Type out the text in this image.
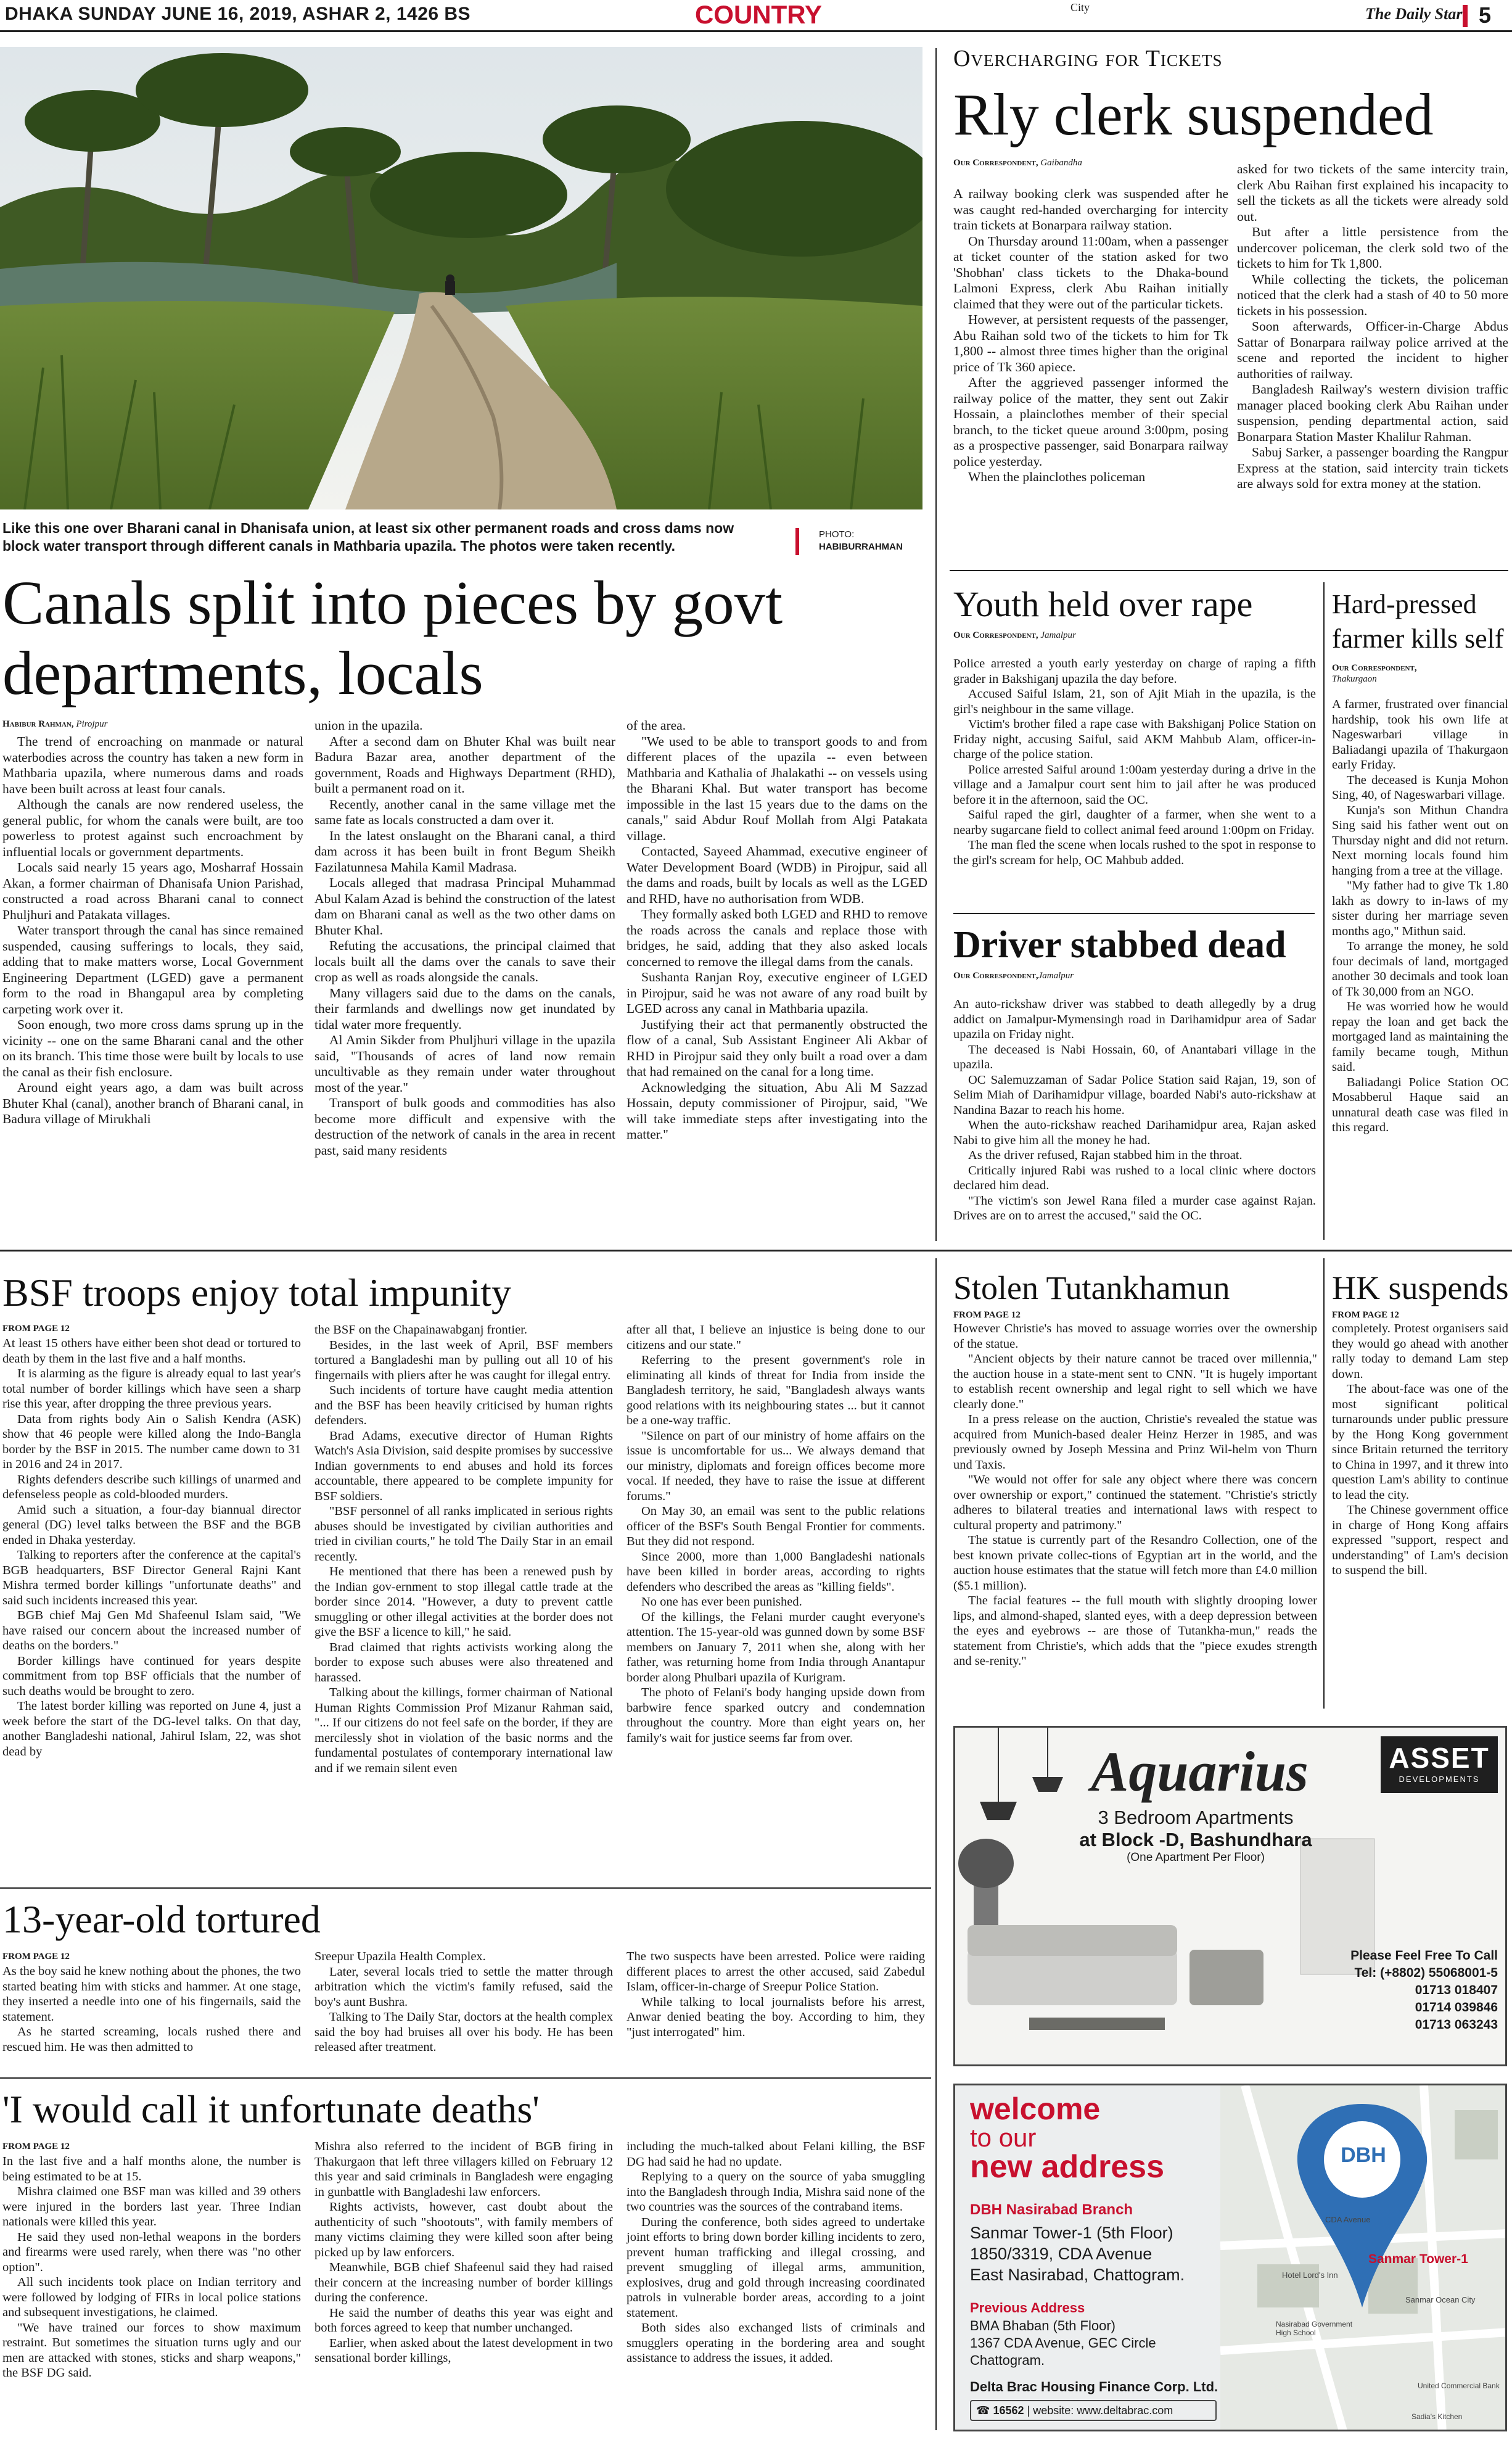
DHAKA SUNDAY JUNE 16, 2019, ASHAR 2, 1426 BS	COUNTRY	City	The Daily Star 5
Like this one over Bharani canal in Dhanisafa union, at least six other permanent roads and cross dams now block water transport through different canals in Mathbaria upazila. The photos were taken recently.
PHOTO:
HABIBURRAHMAN
Canals split into pieces by govt departments, locals
Habibur Rahman, Pirojpur

The trend of encroaching on manmade or natural waterbodies across the country has taken a new form in Mathbaria upazila, where numerous dams and roads have been built across at least four canals.

Although the canals are now rendered useless, the general public, for whom the canals were built, are too powerless to protest against such encroachment by influential locals or government departments.

Locals said nearly 15 years ago, Mosharraf Hossain Akan, a former chairman of Dhanisafa Union Parishad, constructed a road across Bharani canal to connect Phuljhuri and Patakata villages.

Water transport through the canal has since remained suspended, causing sufferings to locals, they said, adding that to make matters worse, Local Government Engineering Department (LGED) gave a permanent form to the road in Bhangapul area by completing carpeting work over it.

Soon enough, two more cross dams sprung up in the vicinity -- one on the same Bharani canal and the other on its branch. This time those were built by locals to use the canal as their fish enclosure.

Around eight years ago, a dam was built across Bhuter Khal (canal), another branch of Bharani canal, in Badura village of Mirukhali

union in the upazila.

After a second dam on Bhuter Khal was built near Badura Bazar area, another department of the government, Roads and Highways Department (RHD), built a permanent road on it.

Recently, another canal in the same village met the same fate as locals constructed a dam over it.

In the latest onslaught on the Bharani canal, a third dam across it has been built in front Begum Sheikh Fazilatunnesa Mahila Kamil Madrasa.

Locals alleged that madrasa Principal Muhammad Abul Kalam Azad is behind the construction of the latest dam on Bharani canal as well as the two other dams on Bhuter Khal.

Refuting the accusations, the principal claimed that locals built all the dams over the canals to save their crop as well as roads alongside the canals.

Many villagers said due to the dams on the canals, their farmlands and dwellings now get inundated by tidal water more frequently.

Al Amin Sikder from Phuljhuri village in the upazila said, "Thousands of acres of land now remain uncultivable as they remain under water throughout most of the year."

Transport of bulk goods and commodities has also become more difficult and expensive with the destruction of the network of canals in the area in recent past, said many residents

of the area.

"We used to be able to transport goods to and from different places of the upazila -- even between Mathbaria and Kathalia of Jhalakathi -- on vessels using the Bharani Khal. But water transport has become impossible in the last 15 years due to the dams on the canals," said Abdur Rouf Mollah from Algi Patakata village.

Contacted, Sayeed Ahammad, executive engineer of Water Development Board (WDB) in Pirojpur, said all the dams and roads, built by locals as well as the LGED and RHD, have no authorisation from WDB.

They formally asked both LGED and RHD to remove the roads across the canals and replace those with bridges, he said, adding that they also asked locals concerned to remove the illegal dams from the canals.

Sushanta Ranjan Roy, executive engineer of LGED in Pirojpur, said he was not aware of any road built by LGED across any canal in Mathbaria upazila.

Justifying their act that permanently obstructed the flow of a canal, Sub Assistant Engineer Ali Akbar of RHD in Pirojpur said they only built a road over a dam that had remained on the canal for a long time.

Acknowledging the situation, Abu Ali M Sazzad Hossain, deputy commissioner of Pirojpur, said, "We will take immediate steps after investigating into the matter."

Overcharging for Tickets
Rly clerk suspended
Our Correspondent, Gaibandha

A railway booking clerk was suspended after he was caught red-handed overcharging for intercity train tickets at Bonarpara railway station.

On Thursday around 11:00am, when a passenger at ticket counter of the station asked for two 'Shobhan' class tickets to the Dhaka-bound Lalmoni Express, clerk Abu Raihan initially claimed that they were out of the particular tickets.

However, at persistent requests of the passenger, Abu Raihan sold two of the tickets to him for Tk 1,800 -- almost three times higher than the original price of Tk 360 apiece.

After the aggrieved passenger informed the railway police of the matter, they sent out Zakir Hossain, a plainclothes member of their special branch, to the ticket queue around 3:00pm, posing as a prospective passenger, said Bonarpara railway police yesterday.

When the plainclothes policeman

asked for two tickets of the same intercity train, clerk Abu Raihan first explained his incapacity to sell the tickets as all the tickets were already sold out.

But after a little persistence from the undercover policeman, the clerk sold two of the tickets to him for Tk 1,800.

While collecting the tickets, the policeman noticed that the clerk had a stash of 40 to 50 more tickets in his possession.

Soon afterwards, Officer-in-Charge Abdus Sattar of Bonarpara railway police arrived at the scene and reported the incident to higher authorities of railway.

Bangladesh Railway's western division traffic manager placed booking clerk Abu Raihan under suspension, pending departmental action, said Bonarpara Station Master Khalilur Rahman.

Sabuj Sarker, a passenger boarding the Rangpur Express at the station, said intercity train tickets are always sold for extra money at the station.

Youth held over rape
Our Correspondent, Jamalpur

Police arrested a youth early yesterday on charge of raping a fifth grader in Bakshiganj upazila the day before.

Accused Saiful Islam, 21, son of Ajit Miah in the upazila, is the girl's neighbour in the same village.

Victim's brother filed a rape case with Bakshiganj Police Station on Friday night, accusing Saiful, said AKM Mahbub Alam, officer-in-charge of the police station.

Police arrested Saiful around 1:00am yesterday during a drive in the village and a Jamalpur court sent him to jail after he was produced before it in the afternoon, said the OC.

Saiful raped the girl, daughter of a farmer, when she went to a nearby sugarcane field to collect animal feed around 1:00pm on Friday.

The man fled the scene when locals rushed to the spot in response to the girl's scream for help, OC Mahbub added.

Driver stabbed dead
Our Correspondent,Jamalpur

An auto-rickshaw driver was stabbed to death allegedly by a drug addict on Jamalpur-Mymensingh road in Darihamidpur area of Sadar upazila on Friday night.

The deceased is Nabi Hossain, 60, of Anantabari village in the upazila.

OC Salemuzzaman of Sadar Police Station said Rajan, 19, son of Selim Miah of Darihamidpur village, boarded Nabi's auto-rickshaw at Nandina Bazar to reach his home.

When the auto-rickshaw reached Darihamidpur area, Rajan asked Nabi to give him all the money he had.

As the driver refused, Rajan stabbed him in the throat.

Critically injured Rabi was rushed to a local clinic where doctors declared him dead.

"The victim's son Jewel Rana filed a murder case against Rajan. Drives are on to arrest the accused," said the OC.

Hard-pressed farmer kills self
Our Correspondent,
Thakurgaon

A farmer, frustrated over financial hardship, took his own life at Nageswarbari village in Baliadangi upazila of Thakurgaon early Friday.

The deceased is Kunja Mohon Sing, 40, of Nageswarbari village.

Kunja's son Mithun Chandra Sing said his father went out on Thursday night and did not return. Next morning locals found him hanging from a tree at the village.

"My father had to give Tk 1.80 lakh as dowry to in-laws of my sister during her marriage seven months ago," Mithun said.

To arrange the money, he sold four decimals of land, mortgaged another 30 decimals and took loan of Tk 30,000 from an NGO.

He was worried how he would repay the loan and get back the mortgaged land as maintaining the family became tough, Mithun said.

Baliadangi Police Station OC Mosabberul Haque said an unnatural death case was filed in this regard.

BSF troops enjoy total impunity
FROM PAGE 12

At least 15 others have either been shot dead or tortured to death by them in the last five and a half months.

It is alarming as the figure is already equal to last year's total number of border killings which have seen a sharp rise this year, after dropping the three previous years.

Data from rights body Ain o Salish Kendra (ASK) show that 46 people were killed along the Indo-Bangla border by the BSF in 2015. The number came down to 31 in 2016 and 24 in 2017.

Rights defenders describe such killings of unarmed and defenseless people as cold-blooded murders.

Amid such a situation, a four-day biannual director general (DG) level talks between the BSF and the BGB ended in Dhaka yesterday.

Talking to reporters after the conference at the capital's BGB headquarters, BSF Director General Rajni Kant Mishra termed border killings "unfortunate deaths" and said such incidents increased this year.

BGB chief Maj Gen Md Shafeenul Islam said, "We have raised our concern about the increased number of deaths on the borders."

Border killings have continued for years despite commitment from top BSF officials that the number of such deaths would be brought to zero.

The latest border killing was reported on June 4, just a week before the start of the DG-level talks. On that day, another Bangladeshi national, Jahirul Islam, 22, was shot dead by

the BSF on the Chapainawabganj frontier.

Besides, in the last week of April, BSF members tortured a Bangladeshi man by pulling out all 10 of his fingernails with pliers after he was caught for illegal entry.

Such incidents of torture have caught media attention and the BSF has been heavily criticised by human rights defenders.

Brad Adams, executive director of Human Rights Watch's Asia Division, said despite promises by successive Indian governments to end abuses and hold its forces accountable, there appeared to be complete impunity for BSF soldiers.

"BSF personnel of all ranks implicated in serious rights abuses should be investigated by civilian authorities and tried in civilian courts," he told The Daily Star in an email recently.

He mentioned that there has been a renewed push by the Indian gov-ernment to stop illegal cattle trade at the border since 2014. "However, a duty to prevent cattle smuggling or other illegal activities at the border does not give the BSF a licence to kill," he said.

Brad claimed that rights activists working along the border to expose such abuses were also threatened and harassed.

Talking about the killings, former chairman of National Human Rights Commission Prof Mizanur Rahman said, "... If our citizens do not feel safe on the border, if they are mercilessly shot in violation of the basic norms and the fundamental postulates of contemporary international law and if we remain silent even

after all that, I believe an injustice is being done to our citizens and our state."

Referring to the present government's role in eliminating all kinds of threat for India from inside the Bangladesh territory, he said, "Bangladesh always wants good relations with its neighbouring states ... but it cannot be a one-way traffic.

"Silence on part of our ministry of home affairs on the issue is uncomfortable for us... We always demand that our ministry, diplomats and foreign offices become more vocal. If needed, they have to raise the issue at different forums."

On May 30, an email was sent to the public relations officer of the BSF's South Bengal Frontier for comments. But they did not respond.

Since 2000, more than 1,000 Bangladeshi nationals have been killed in border areas, according to rights defenders who described the areas as "killing fields".

No one has ever been punished.

Of the killings, the Felani murder caught everyone's attention. The 15-year-old was gunned down by some BSF members on January 7, 2011 when she, along with her father, was returning home from India through Anantapur border along Phulbari upazila of Kurigram.

The photo of Felani's body hanging upside down from barbwire fence sparked outcry and condemnation throughout the country. More than eight years on, her family's wait for justice seems far from over.

13-year-old tortured
FROM PAGE 12

As the boy said he knew nothing about the phones, the two started beating him with sticks and hammer. At one stage, they inserted a needle into one of his fingernails, said the statement.

As he started screaming, locals rushed there and rescued him. He was then admitted to

Sreepur Upazila Health Complex.

Later, several locals tried to settle the matter through arbitration which the victim's family refused, said the boy's aunt Bushra.

Talking to The Daily Star, doctors at the health complex said the boy had bruises all over his body. He has been released after treatment.

The two suspects have been arrested. Police were raiding different places to arrest the other accused, said Zabedul Islam, officer-in-charge of Sreepur Police Station.

While talking to local journalists before his arrest, Anwar denied beating the boy. According to him, they "just interrogated" him.

'I would call it unfortunate deaths'
FROM PAGE 12

In the last five and a half months alone, the number is being estimated to be at 15.

Mishra claimed one BSF man was killed and 39 others were injured in the borders last year. Three Indian nationals were killed this year.

He said they used non-lethal weapons in the borders and firearms were used rarely, when there was "no other option".

All such incidents took place on Indian territory and were followed by lodging of FIRs in local police stations and subsequent investigations, he claimed.

"We have trained our forces to show maximum restraint. But sometimes the situation turns ugly and our men are attacked with stones, sticks and sharp weapons," the BSF DG said.

Mishra also referred to the incident of BGB firing in Thakurgaon that left three villagers killed on February 12 this year and said criminals in Bangladesh were engaging in gunbattle with Bangladeshi law enforcers.

Rights activists, however, cast doubt about the authenticity of such "shootouts", with family members of many victims claiming they were killed soon after being picked up by law enforcers.

Meanwhile, BGB chief Shafeenul said they had raised their concern at the increasing number of border killings during the conference.

He said the number of deaths this year was eight and both forces agreed to keep that number unchanged.

Earlier, when asked about the latest development in two sensational border killings,

including the much-talked about Felani killing, the BSF DG had said he had no update.

Replying to a query on the source of yaba smuggling into the Bangladesh through India, Mishra said none of the two countries was the sources of the contraband items.

During the conference, both sides agreed to undertake joint efforts to bring down border killing incidents to zero, prevent human trafficking and illegal crossing, and prevent smuggling of illegal arms, ammunition, explosives, drug and gold through increasing coordinated patrols in vulnerable border areas, according to a joint statement.

Both sides also exchanged lists of criminals and smugglers operating in the bordering area and sought assistance to address the issues, it added.

Stolen Tutankhamun
FROM PAGE 12

However Christie's has moved to assuage worries over the ownership of the statue.

"Ancient objects by their nature cannot be traced over millennia," the auction house in a state-ment sent to CNN. "It is hugely important to establish recent ownership and legal right to sell which we have clearly done."

In a press release on the auction, Christie's revealed the statue was acquired from Munich-based dealer Heinz Herzer in 1985, and was previously owned by Joseph Messina and Prinz Wil-helm von Thurn und Taxis.

"We would not offer for sale any object where there was concern over ownership or export," continued the statement. "Christie's strictly adheres to bilateral treaties and international laws with respect to cultural property and patrimony."

The statue is currently part of the Resandro Collection, one of the best known private collec-tions of Egyptian art in the world, and the auction house estimates that the statue will fetch more than £4.0 million ($5.1 million).

The facial features -- the full mouth with slightly drooping lower lips, and almond-shaped, slanted eyes, with a deep depression between the eyes and eyebrows -- are those of Tutankha-mun," reads the statement from Christie's, which adds that the "piece exudes strength and se-renity."

HK suspends
FROM PAGE 12

completely. Protest organisers said they would go ahead with another rally today to demand Lam step down.

The about-face was one of the most significant political turnarounds under public pressure by the Hong Kong government since Britain returned the territory to China in 1997, and it threw into question Lam's ability to continue to lead the city.

The Chinese government office in charge of Hong Kong affairs expressed "support, respect and understanding" of Lam's decision to suspend the bill.

Aquarius
3 Bedroom Apartments
at Block -D, Bashundhara
(One Apartment Per Floor)
ASSET
DEVELOPMENTS
Please Feel Free To Call
Tel: (+8802) 55068001-5
01713 018407
01714 039846
01713 063243
DBH
Sanmar Tower-1
Hotel Lord's Inn
Sanmar Ocean City
CDA Avenue
Nasirabad Government High School
United Commercial Bank
Sadia's Kitchen
welcome
to our
new address
DBH Nasirabad Branch
Sanmar Tower-1 (5th Floor)
1850/3319, CDA Avenue
East Nasirabad, Chattogram.
Previous Address
BMA Bhaban (5th Floor)
1367 CDA Avenue, GEC Circle
Chattogram.
Delta Brac Housing Finance Corp. Ltd.
☎ 16562 | website: www.deltabrac.com
